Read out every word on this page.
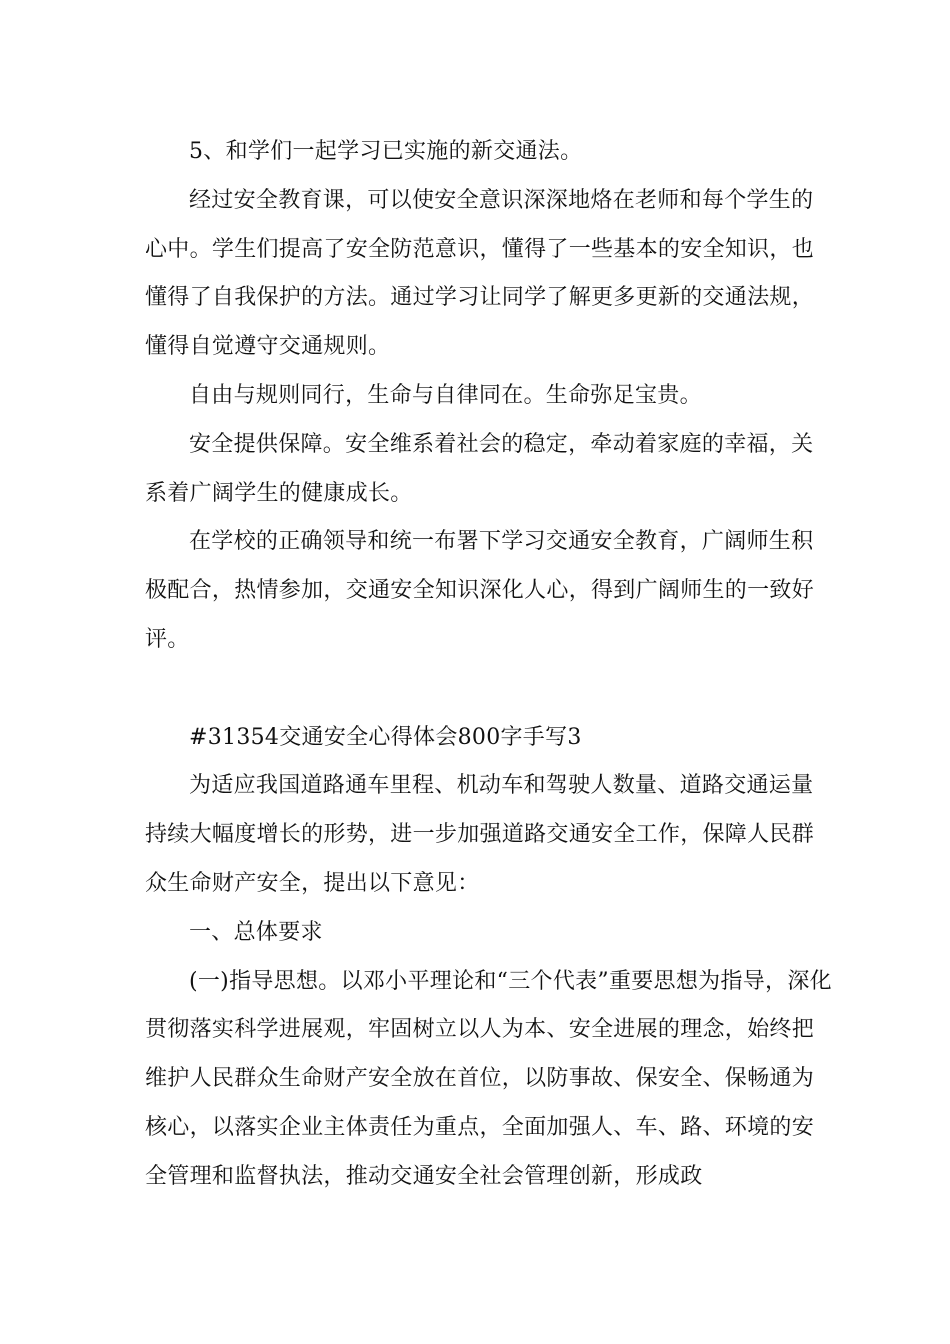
5、和学们一起学习已实施的新交通法。

经过安全教育课，可以使安全意识深深地烙在老师和每个学生的心中。学生们提高了安全防范意识，懂得了一些基本的安全知识，也懂得了自我保护的方法。通过学习让同学了解更多更新的交通法规，懂得自觉遵守交通规则。

自由与规则同行，生命与自律同在。生命弥足宝贵。

安全提供保障。安全维系着社会的稳定，牵动着家庭的幸福，关系着广阔学生的健康成长。

在学校的正确领导和统一布署下学习交通安全教育，广阔师生积极配合，热情参加，交通安全知识深化人心，得到广阔师生的一致好评。

#31354交通安全心得体会800字手写3

为适应我国道路通车里程、机动车和驾驶人数量、道路交通运量持续大幅度增长的形势，进一步加强道路交通安全工作，保障人民群众生命财产安全，提出以下意见：

一、总体要求

(一)指导思想。以邓小平理论和“三个代表”重要思想为指导，深化贯彻落实科学进展观，牢固树立以人为本、安全进展的理念，始终把维护人民群众生命财产安全放在首位，以防事故、保安全、保畅通为核心，以落实企业主体责任为重点，全面加强人、车、路、环境的安全管理和监督执法，推动交通安全社会管理创新，形成政
